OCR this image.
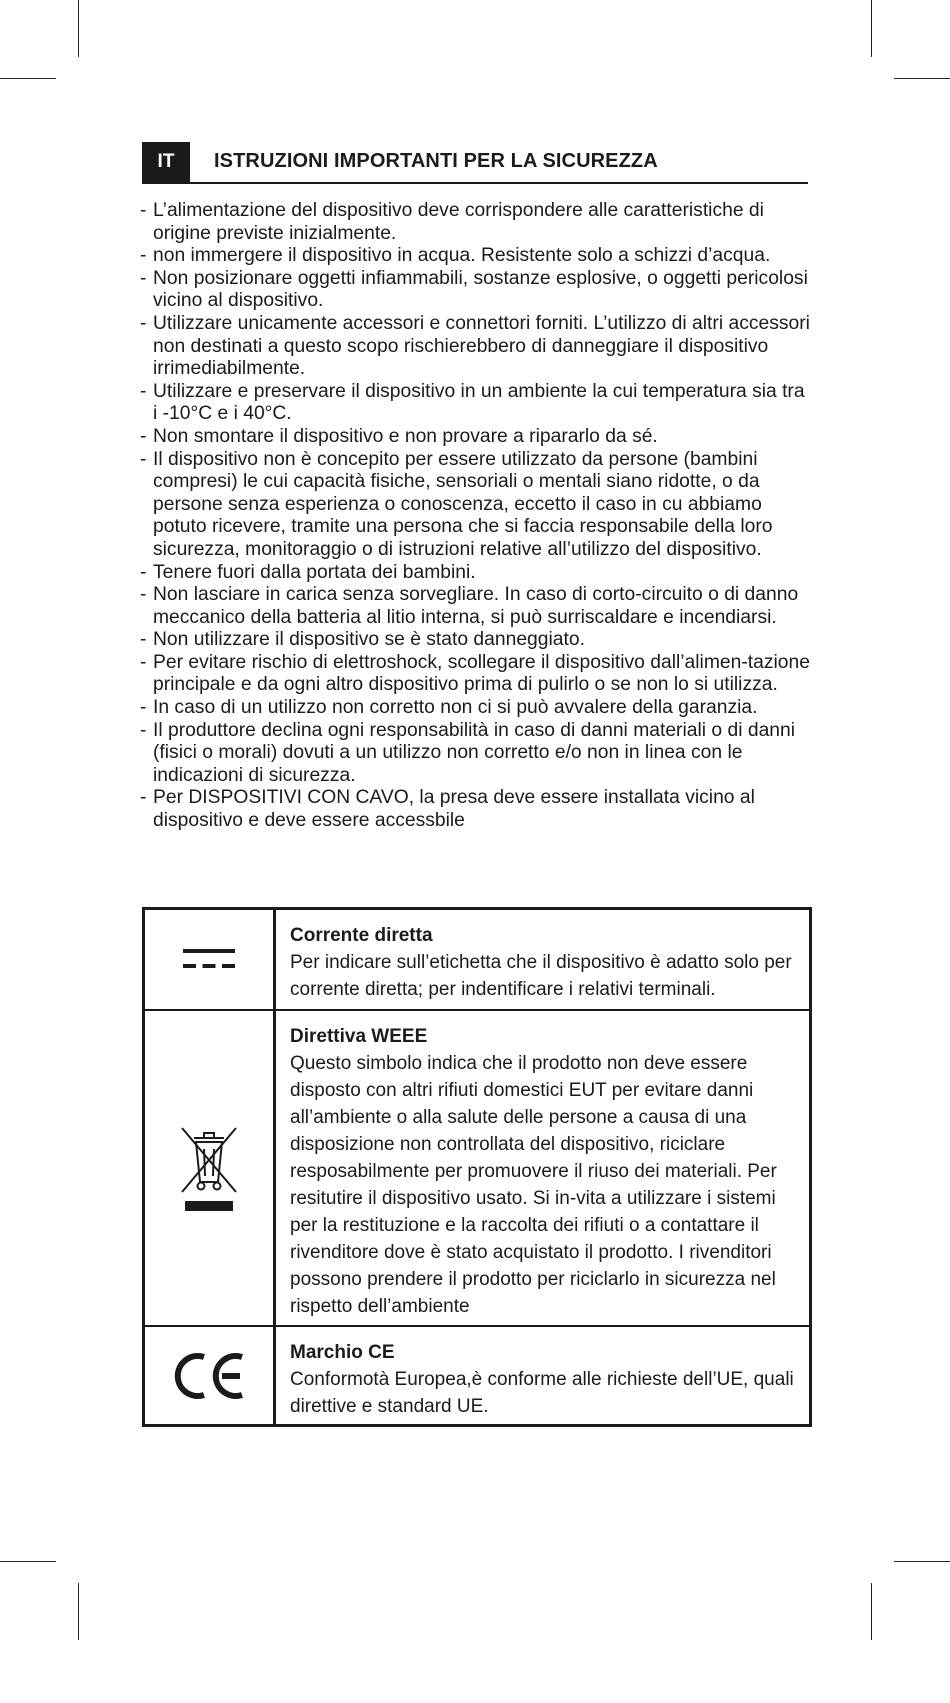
IT	ISTRUZIONI IMPORTANTI PER LA SICUREZZA
- L’alimentazione del dispositivo deve corrispondere alle caratteristiche di origine previste inizialmente.
- non immergere il dispositivo in acqua. Resistente solo a schizzi d’acqua.
- Non posizionare oggetti infiammabili, sostanze esplosive, o oggetti pericolosi vicino al dispositivo.
- Utilizzare unicamente accessori e connettori forniti. L’utilizzo di altri accessori non destinati a questo scopo rischierebbero di danneggiare il dispositivo irrimediabilmente.
- Utilizzare e preservare il dispositivo in un ambiente la cui temperatura sia tra i -10°C e i 40°C.
- Non smontare il dispositivo e non provare a ripararlo da sé.
- Il dispositivo non è concepito per essere utilizzato da persone (bambini compresi) le cui capacità fisiche, sensoriali o mentali siano ridotte, o da persone senza esperienza o conoscenza, eccetto il caso in cu abbiamo potuto ricevere, tramite una persona che si faccia responsabile della loro sicurezza, monitoraggio o di istruzioni relative all’utilizzo del dispositivo.
- Tenere fuori dalla portata dei bambini.
- Non lasciare in carica senza sorvegliare. In caso di corto-circuito o di danno meccanico della batteria al litio interna, si può surriscaldare e incendiarsi.
- Non utilizzare il dispositivo se è stato danneggiato.
- Per evitare rischio di elettroshock, scollegare il dispositivo dall’alimen-tazione principale e da ogni altro dispositivo prima di pulirlo o se non lo si utilizza.
- In caso di un utilizzo non corretto non ci si può avvalere della garanzia.
- Il produttore declina ogni responsabilità in caso di danni materiali o di danni (fisici o morali) dovuti a un utilizzo non corretto e/o non in linea con le indicazioni di sicurezza.
- Per DISPOSITIVI CON CAVO, la presa deve essere installata vicino al dispositivo e deve essere accessbile
Corrente diretta
Per indicare sull’etichetta che il dispositivo è adatto solo per corrente diretta; per indentificare i relativi terminali.
Direttiva WEEE
Questo simbolo indica che il prodotto non deve essere disposto con altri rifiuti domestici EUT per evitare danni all’ambiente o alla salute delle persone a causa di una disposizione non controllata del dispositivo, riciclare resposabilmente per promuovere il riuso dei materiali. Per resitutire il dispositivo usato. Si in-vita a utilizzare i sistemi per la restituzione e la raccolta dei rifiuti o a contattare il rivenditore dove è stato acquistato il prodotto. I rivenditori possono prendere il prodotto per riciclarlo in sicurezza nel rispetto dell’ambiente
Marchio CE
Conformotà Europea,è conforme alle richieste dell’UE, quali direttive e standard UE.
